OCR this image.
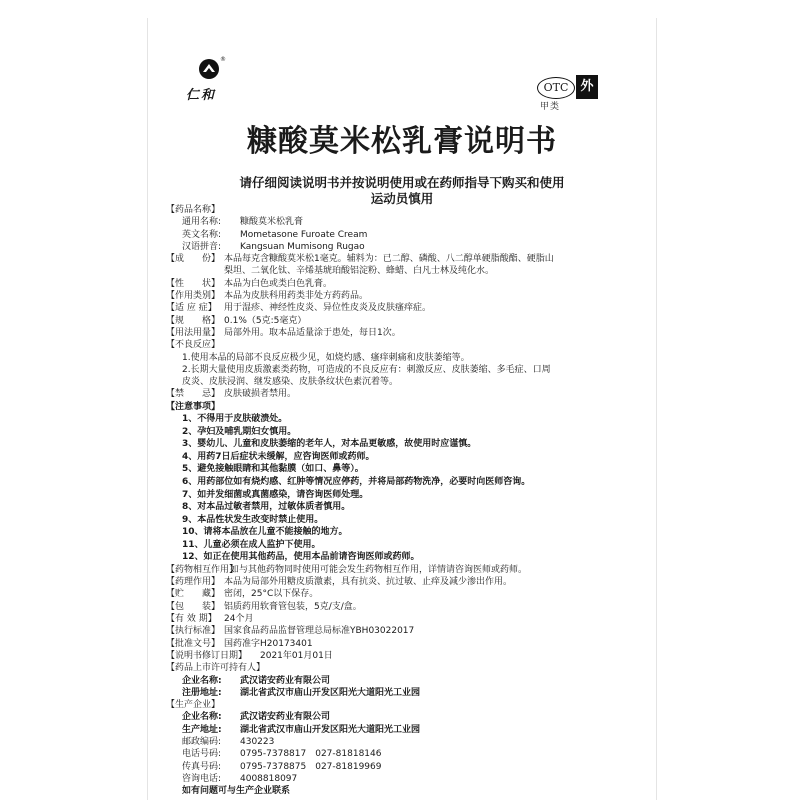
®
仁和
OTC 外
甲类
糠酸莫米松乳膏说明书
请仔细阅读说明书并按说明使用或在药师指导下购买和使用
运动员慎用
【药品名称】
通用名称: 糠酸莫米松乳膏
英文名称: Mometasone Furoate Cream
汉语拼音: Kangsuan Mumisong Rugao
【成　　份】 本品每克含糠酸莫米松1毫克。辅料为：已二醇、磷酸、八二醇单硬脂酸酯、硬脂山
梨坦、二氧化钛、辛烯基琥珀酸铝淀粉、蜂蜡、白凡士林及纯化水。
【性　　状】 本品为白色或类白色乳膏。
【作用类别】 本品为皮肤科用药类非处方药药品。
【适 应 症】 用于湿疹、神经性皮炎、异位性皮炎及皮肤瘙痒症。
【规　　格】 0.1%（5克:5毫克）
【用法用量】 局部外用。取本品适量涂于患处，每日1次。
【不良反应】
1.使用本品的局部不良反应极少见，如烧灼感、瘙痒刺痛和皮肤萎缩等。
2.长期大量使用皮质激素类药物，可造成的不良反应有：刺激反应、皮肤萎缩、多毛症、口周
皮炎、皮肤浸润、继发感染、皮肤条纹状色素沉着等。
【禁　　忌】 皮肤破损者禁用。
【注意事项】
1、不得用于皮肤破溃处。
2、孕妇及哺乳期妇女慎用。
3、婴幼儿、儿童和皮肤萎缩的老年人，对本品更敏感，故使用时应谨慎。
4、用药7日后症状未缓解，应咨询医师或药师。
5、避免接触眼睛和其他黏膜（如口、鼻等）。
6、用药部位如有烧灼感、红肿等情况应停药，并将局部药物洗净，必要时向医师咨询。
7、如并发细菌或真菌感染，请咨询医师处理。
8、对本品过敏者禁用，过敏体质者慎用。
9、本品性状发生改变时禁止使用。
10、请将本品放在儿童不能接触的地方。
11、儿童必须在成人监护下使用。
12、如正在使用其他药品，使用本品前请咨询医师或药师。
【药物相互作用】如与其他药物同时使用可能会发生药物相互作用，详情请咨询医师或药师。
【药理作用】 本品为局部外用糖皮质激素，具有抗炎、抗过敏、止痒及减少渗出作用。
【贮　　藏】 密闭，25°C以下保存。
【包　　装】 铝质药用软膏管包装，5克/支/盒。
【有 效 期】 24个月
【执行标准】 国家食品药品监督管理总局标准YBH03022017
【批准文号】 国药准字H20173401
【说明书修订日期】 2021年01月01日
【药品上市许可持有人】
企业名称: 武汉诺安药业有限公司
注册地址: 湖北省武汉市庙山开发区阳光大道阳光工业园
【生产企业】
企业名称: 武汉诺安药业有限公司
生产地址: 湖北省武汉市庙山开发区阳光大道阳光工业园
邮政编码: 430223
电话号码: 0795-7378817　027-81818146
传真号码: 0795-7378875　027-81819969
咨询电话: 4008818097
如有问题可与生产企业联系
